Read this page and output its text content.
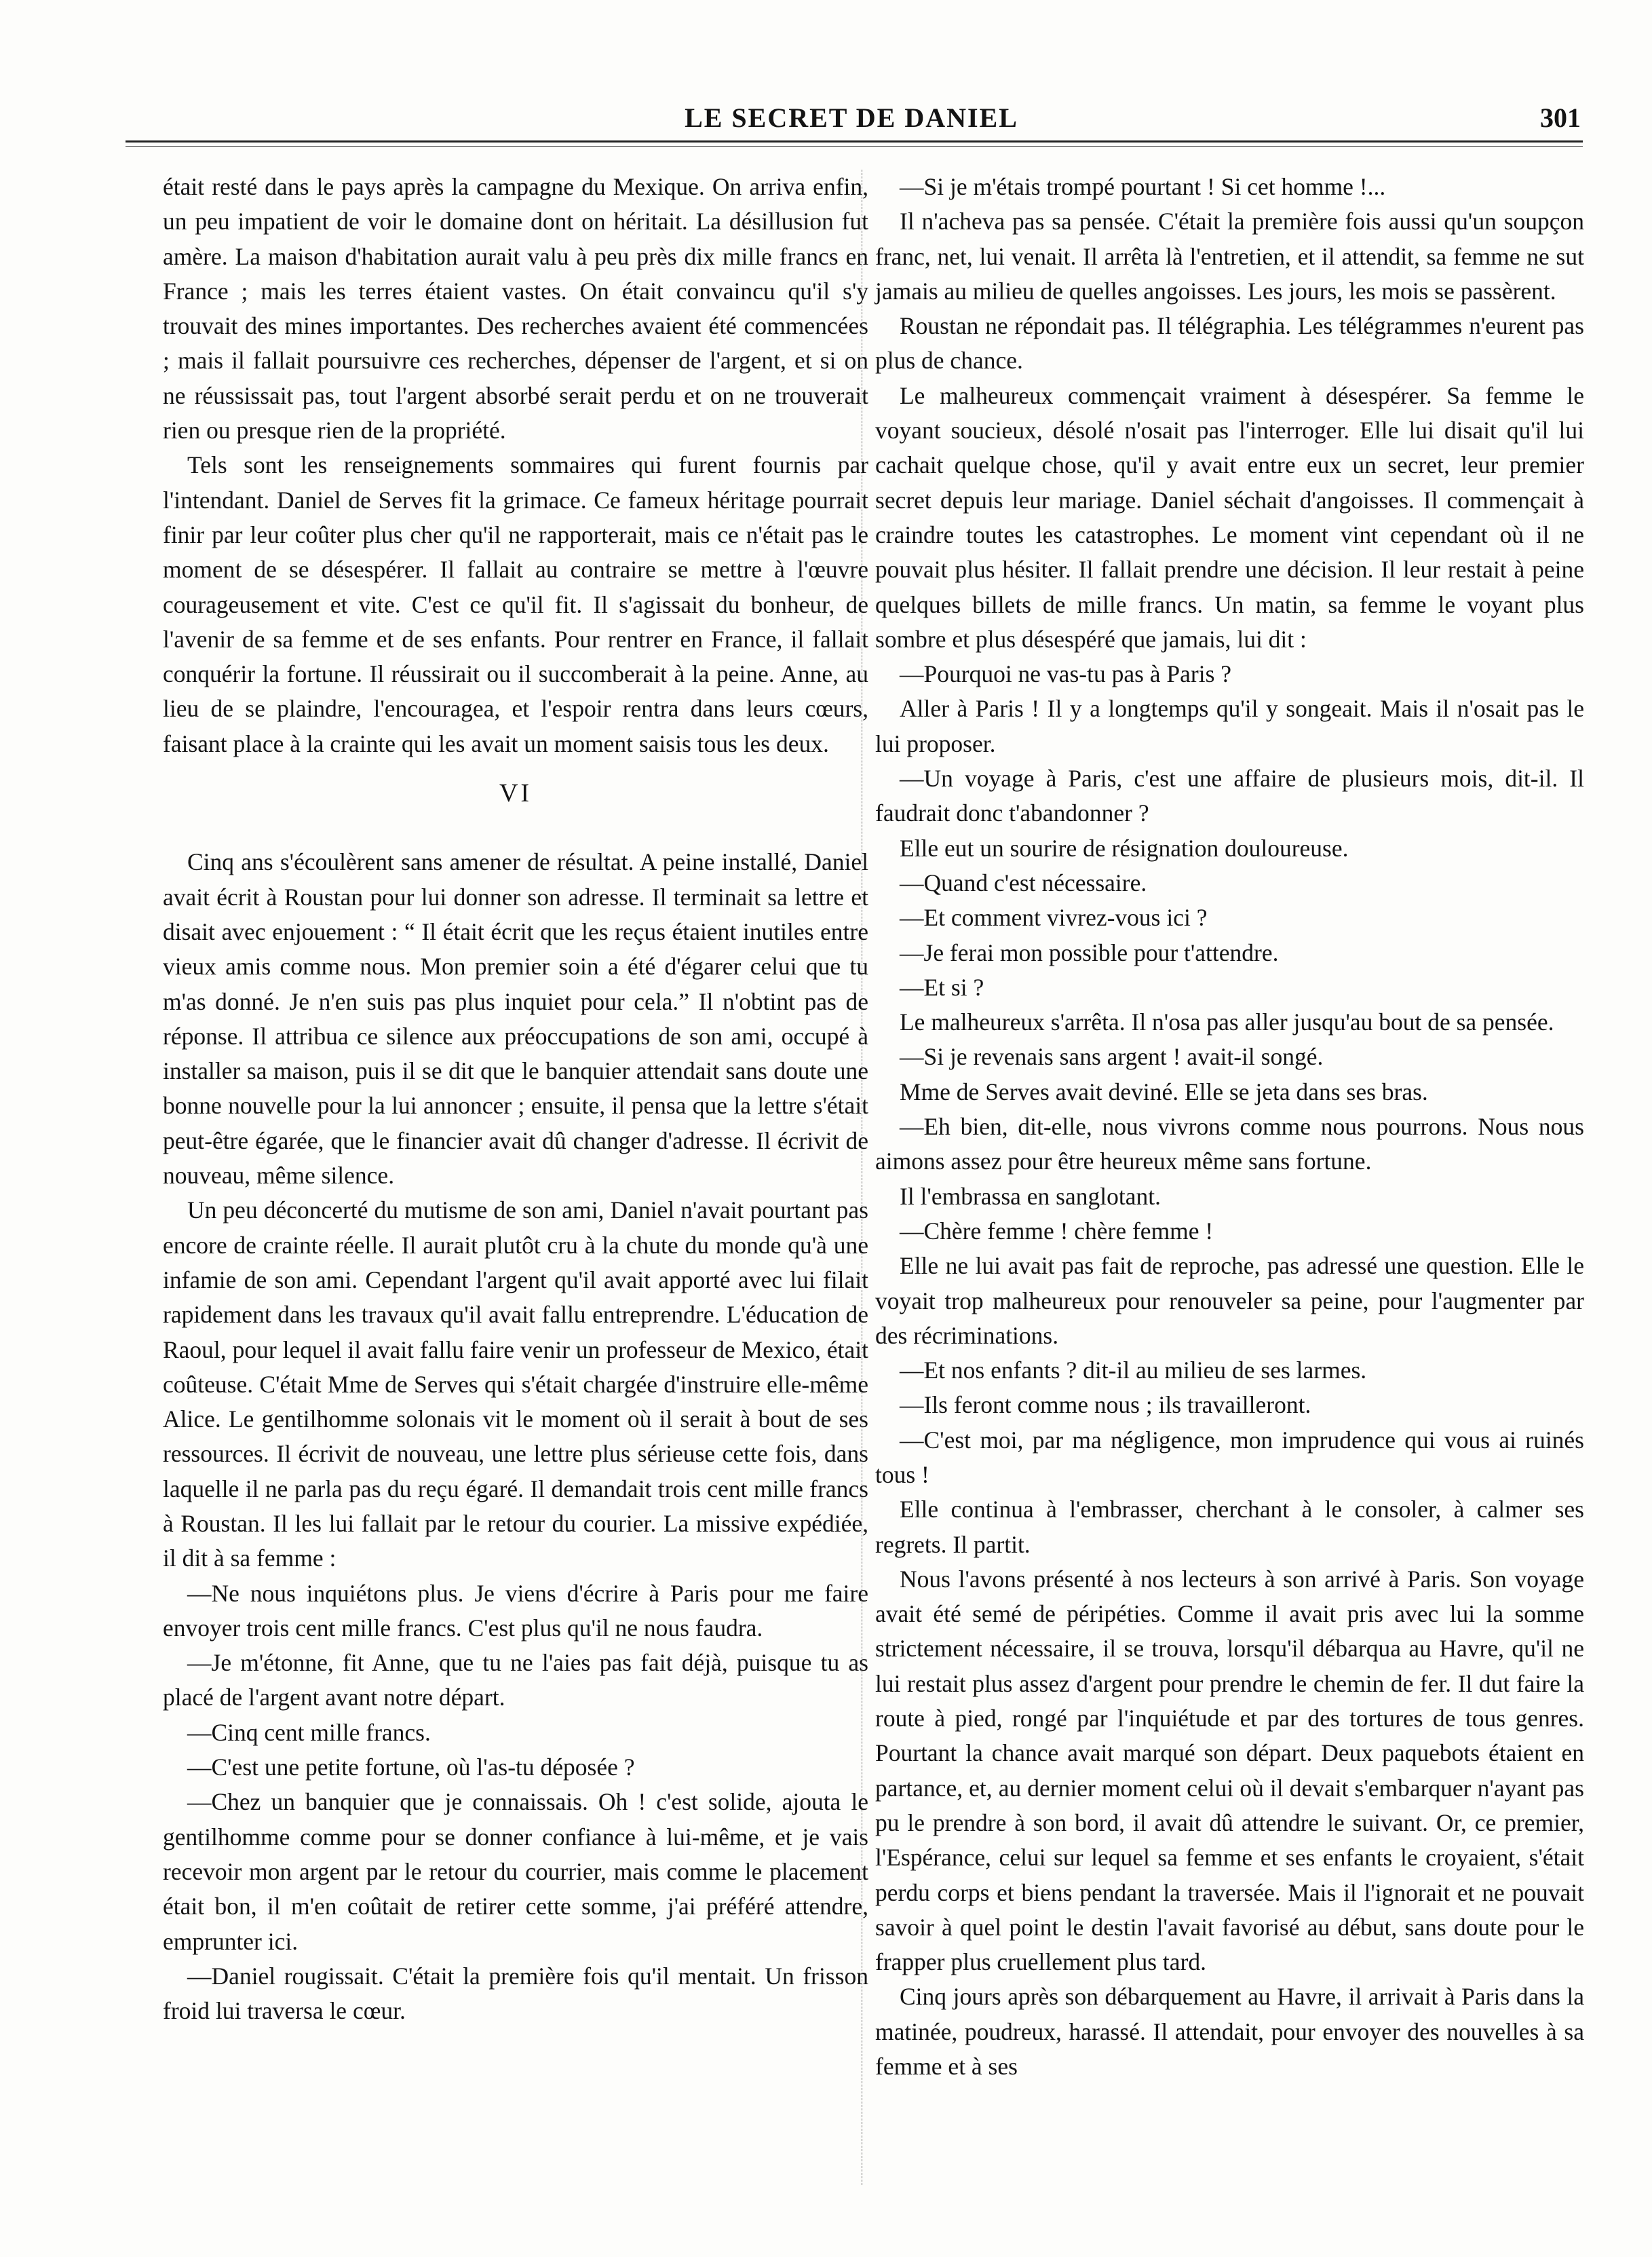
LE SECRET DE DANIEL	301

était resté dans le pays après la campagne du Mexique. On arriva enfin, un peu impatient de voir le domaine dont on héritait. La désillusion fut amère. La maison d'habitation aurait valu à peu près dix mille francs en France ; mais les terres étaient vastes. On était convaincu qu'il s'y trouvait des mines importantes. Des recherches avaient été commencées ; mais il fallait poursuivre ces recherches, dépenser de l'argent, et si on ne réussissait pas, tout l'argent absorbé serait perdu et on ne trouverait rien ou presque rien de la propriété.

Tels sont les renseignements sommaires qui furent fournis par l'intendant. Daniel de Serves fit la grimace. Ce fameux héritage pourrait finir par leur coûter plus cher qu'il ne rapporterait, mais ce n'était pas le moment de se désespérer. Il fallait au contraire se mettre à l'œuvre courageusement et vite. C'est ce qu'il fit. Il s'agissait du bonheur, de l'avenir de sa femme et de ses enfants. Pour rentrer en France, il fallait conquérir la fortune. Il réussirait ou il succomberait à la peine. Anne, au lieu de se plaindre, l'encouragea, et l'espoir rentra dans leurs cœurs, faisant place à la crainte qui les avait un moment saisis tous les deux.

VI

Cinq ans s'écoulèrent sans amener de résultat. A peine installé, Daniel avait écrit à Roustan pour lui donner son adresse. Il terminait sa lettre et disait avec enjouement : “ Il était écrit que les reçus étaient inutiles entre vieux amis comme nous. Mon premier soin a été d'égarer celui que tu m'as donné. Je n'en suis pas plus inquiet pour cela.” Il n'obtint pas de réponse. Il attribua ce silence aux préoccupations de son ami, occupé à installer sa maison, puis il se dit que le banquier attendait sans doute une bonne nouvelle pour la lui annoncer ; ensuite, il pensa que la lettre s'était peut-être égarée, que le financier avait dû changer d'adresse. Il écrivit de nouveau, même silence.

Un peu déconcerté du mutisme de son ami, Daniel n'avait pourtant pas encore de crainte réelle. Il aurait plutôt cru à la chute du monde qu'à une infamie de son ami. Cependant l'argent qu'il avait apporté avec lui filait rapidement dans les travaux qu'il avait fallu entreprendre. L'éducation de Raoul, pour lequel il avait fallu faire venir un professeur de Mexico, était coûteuse. C'était Mme de Serves qui s'était chargée d'instruire elle-même Alice. Le gentilhomme solonais vit le moment où il serait à bout de ses ressources. Il écrivit de nouveau, une lettre plus sérieuse cette fois, dans laquelle il ne parla pas du reçu égaré. Il demandait trois cent mille francs à Roustan. Il les lui fallait par le retour du courier. La missive expédiée, il dit à sa femme :

—Ne nous inquiétons plus. Je viens d'écrire à Paris pour me faire envoyer trois cent mille francs. C'est plus qu'il ne nous faudra.

—Je m'étonne, fit Anne, que tu ne l'aies pas fait déjà, puisque tu as placé de l'argent avant notre départ.

—Cinq cent mille francs.

—C'est une petite fortune, où l'as-tu déposée ?

—Chez un banquier que je connaissais. Oh ! c'est solide, ajouta le gentilhomme comme pour se donner confiance à lui-même, et je vais recevoir mon argent par le retour du courrier, mais comme le placement était bon, il m'en coûtait de retirer cette somme, j'ai préféré attendre, emprunter ici.

—Daniel rougissait. C'était la première fois qu'il mentait. Un frisson froid lui traversa le cœur.

—Si je m'étais trompé pourtant ! Si cet homme !...

Il n'acheva pas sa pensée. C'était la première fois aussi qu'un soupçon franc, net, lui venait. Il arrêta là l'entretien, et il attendit, sa femme ne sut jamais au milieu de quelles angoisses. Les jours, les mois se passèrent.

Roustan ne répondait pas. Il télégraphia. Les télégrammes n'eurent pas plus de chance.

Le malheureux commençait vraiment à désespérer. Sa femme le voyant soucieux, désolé n'osait pas l'interroger. Elle lui disait qu'il lui cachait quelque chose, qu'il y avait entre eux un secret, leur premier secret depuis leur mariage. Daniel séchait d'angoisses. Il commençait à craindre toutes les catastrophes. Le moment vint cependant où il ne pouvait plus hésiter. Il fallait prendre une décision. Il leur restait à peine quelques billets de mille francs. Un matin, sa femme le voyant plus sombre et plus désespéré que jamais, lui dit :

—Pourquoi ne vas-tu pas à Paris ?

Aller à Paris ! Il y a longtemps qu'il y songeait. Mais il n'osait pas le lui proposer.

—Un voyage à Paris, c'est une affaire de plusieurs mois, dit-il. Il faudrait donc t'abandonner ?

Elle eut un sourire de résignation douloureuse.

—Quand c'est nécessaire.

—Et comment vivrez-vous ici ?

—Je ferai mon possible pour t'attendre.

—Et si ?

Le malheureux s'arrêta. Il n'osa pas aller jusqu'au bout de sa pensée.

—Si je revenais sans argent ! avait-il songé.

Mme de Serves avait deviné. Elle se jeta dans ses bras.

—Eh bien, dit-elle, nous vivrons comme nous pourrons. Nous nous aimons assez pour être heureux même sans fortune.

Il l'embrassa en sanglotant.

—Chère femme ! chère femme !

Elle ne lui avait pas fait de reproche, pas adressé une question. Elle le voyait trop malheureux pour renouveler sa peine, pour l'augmenter par des récriminations.

—Et nos enfants ? dit-il au milieu de ses larmes.

—Ils feront comme nous ; ils travailleront.

—C'est moi, par ma négligence, mon imprudence qui vous ai ruinés tous !

Elle continua à l'embrasser, cherchant à le consoler, à calmer ses regrets. Il partit.

Nous l'avons présenté à nos lecteurs à son arrivé à Paris. Son voyage avait été semé de péripéties. Comme il avait pris avec lui la somme strictement nécessaire, il se trouva, lorsqu'il débarqua au Havre, qu'il ne lui restait plus assez d'argent pour prendre le chemin de fer. Il dut faire la route à pied, rongé par l'inquiétude et par des tortures de tous genres. Pourtant la chance avait marqué son départ. Deux paquebots étaient en partance, et, au dernier moment celui où il devait s'embarquer n'ayant pas pu le prendre à son bord, il avait dû attendre le suivant. Or, ce premier, l'Espérance, celui sur lequel sa femme et ses enfants le croyaient, s'était perdu corps et biens pendant la traversée. Mais il l'ignorait et ne pouvait savoir à quel point le destin l'avait favorisé au début, sans doute pour le frapper plus cruellement plus tard.

Cinq jours après son débarquement au Havre, il arrivait à Paris dans la matinée, poudreux, harassé. Il attendait, pour envoyer des nouvelles à sa femme et à ses
